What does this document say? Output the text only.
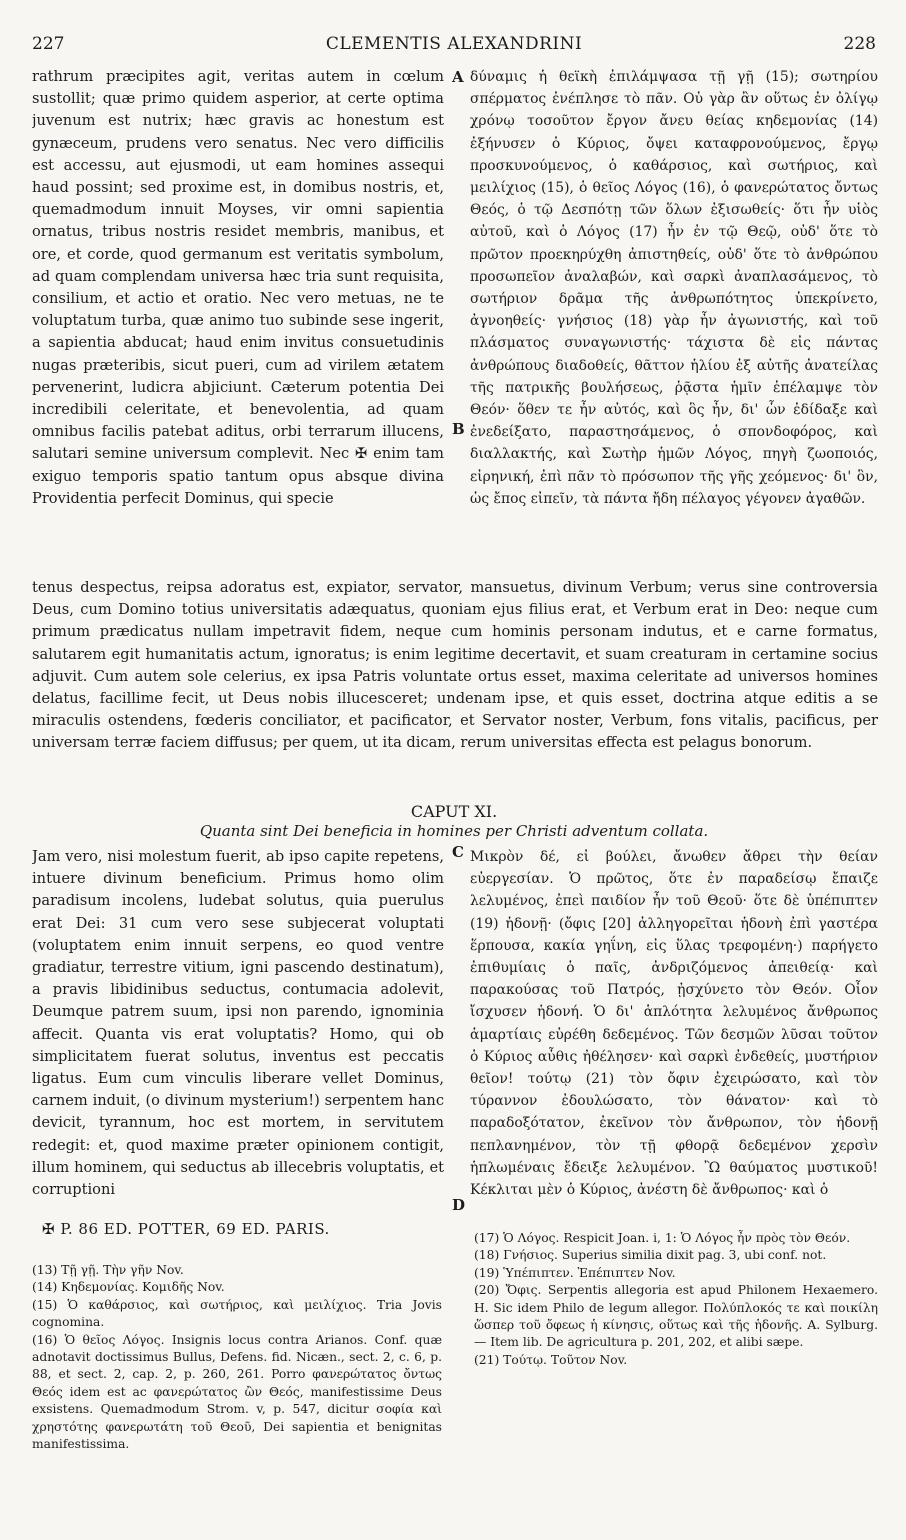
227	CLEMENTIS ALEXANDRINI	228

rathrum præcipites agit, veritas autem in cœlum sustollit; quæ primo quidem asperior, at certe optima juvenum est nutrix; hæc gravis ac honestum est gynæceum, prudens vero senatus. Nec vero difficilis est accessu, aut ejusmodi, ut eam homines assequi haud possint; sed proxime est, in domibus nostris, et, quemadmodum innuit Moyses, vir omni sapientia ornatus, tribus nostris residet membris, manibus, et ore, et corde, quod germanum est veritatis symbolum, ad quam complendam universa hæc tria sunt requisita, consilium, et actio et oratio. Nec vero metuas, ne te voluptatum turba, quæ animo tuo subinde sese ingerit, a sapientia abducat; haud enim invitus consuetudinis nugas præteribis, sicut pueri, cum ad virilem ætatem pervenerint, ludicra abjiciunt. Cæterum potentia Dei incredibili celeritate, et benevolentia, ad quam omnibus facilis patebat aditus, orbi terrarum illucens, salutari semine universum complevit. Nec ✠ enim tam exiguo temporis spatio tantum opus absque divina Providentia perfecit Dominus, qui specie

A
B

δύναμις ἡ θεϊκὴ ἐπιλάμψασα τῇ γῇ (15); σωτηρίου σπέρματος ἐνέπλησε τὸ πᾶν. Οὐ γὰρ ἂν οὕτως ἐν ὀλίγῳ χρόνῳ τοσοῦτον ἔργον ἄνευ θείας κηδεμονίας (14) ἐξήνυσεν ὁ Κύριος, ὄψει καταφρονούμενος, ἔργῳ προσκυνούμενος, ὁ καθάρσιος, καὶ σωτήριος, καὶ μειλίχιος (15), ὁ θεῖος Λόγος (16), ὁ φανερώτατος ὄντως Θεός, ὁ τῷ Δεσπότῃ τῶν ὅλων ἐξισωθείς· ὅτι ἦν υἱὸς αὐτοῦ, καὶ ὁ Λόγος (17) ἦν ἐν τῷ Θεῷ, οὐδ' ὅτε τὸ πρῶτον προεκηρύχθη ἀπιστηθείς, οὐδ' ὅτε τὸ ἀνθρώπου προσωπεῖον ἀναλαβών, καὶ σαρκὶ ἀναπλασάμενος, τὸ σωτήριον δρᾶμα τῆς ἀνθρωπότητος ὑπεκρίνετο, ἀγνοηθείς· γνήσιος (18) γὰρ ἦν ἀγωνιστής, καὶ τοῦ πλάσματος συναγωνιστής· τάχιστα δὲ εἰς πάντας ἀνθρώπους διαδοθείς, θᾶττον ἡλίου ἐξ αὐτῆς ἀνατείλας τῆς πατρικῆς βουλήσεως, ῥᾷστα ἡμῖν ἐπέλαμψε τὸν Θεόν· ὅθεν τε ἦν αὐτός, καὶ ὃς ἦν, δι' ὧν ἐδίδαξε καὶ ἐνεδείξατο, παραστησάμενος, ὁ σπονδοφόρος, καὶ διαλλακτής, καὶ Σωτὴρ ἡμῶν Λόγος, πηγὴ ζωοποιός, εἰρηνική, ἐπὶ πᾶν τὸ πρόσωπον τῆς γῆς χεόμενος· δι' ὃν, ὡς ἔπος εἰπεῖν, τὰ πάντα ἤδη πέλαγος γέγονεν ἀγαθῶν.

tenus despectus, reipsa adoratus est, expiator, servator, mansuetus, divinum Verbum; verus sine controversia Deus, cum Domino totius universitatis adæquatus, quoniam ejus filius erat, et Verbum erat in Deo: neque cum primum prædicatus nullam impetravit fidem, neque cum hominis personam indutus, et e carne formatus, salutarem egit humanitatis actum, ignoratus; is enim legitime decertavit, et suam creaturam in certamine socius adjuvit. Cum autem sole celerius, ex ipsa Patris voluntate ortus esset, maxima celeritate ad universos homines delatus, facillime fecit, ut Deus nobis illucesceret; undenam ipse, et quis esset, doctrina atque editis a se miraculis ostendens, fœderis conciliator, et pacificator, et Servator noster, Verbum, fons vitalis, pacificus, per universam terræ faciem diffusus; per quem, ut ita dicam, rerum universitas effecta est pelagus bonorum.

CAPUT XI.
Quanta sint Dei beneficia in homines per Christi adventum collata.
C
D

Jam vero, nisi molestum fuerit, ab ipso capite repetens, intuere divinum beneficium. Primus homo olim paradisum incolens, ludebat solutus, quia puerulus erat Dei: 31 cum vero sese subjecerat voluptati (voluptatem enim innuit serpens, eo quod ventre gradiatur, terrestre vitium, igni pascendo destinatum), a pravis libidinibus seductus, contumacia adolevit, Deumque patrem suum, ipsi non parendo, ignominia affecit. Quanta vis erat voluptatis? Homo, qui ob simplicitatem fuerat solutus, inventus est peccatis ligatus. Eum cum vinculis liberare vellet Dominus, carnem induit, (o divinum mysterium!) serpentem hanc devicit, tyrannum, hoc est mortem, in servitutem redegit: et, quod maxime præter opinionem contigit, illum hominem, qui seductus ab illecebris voluptatis, et corruptioni

Μικρὸν δέ, εἰ βούλει, ἄνωθεν ἄθρει τὴν θείαν εὐεργεσίαν. Ὁ πρῶτος, ὅτε ἐν παραδείσῳ ἔπαιζε λελυμένος, ἐπεὶ παιδίον ἦν τοῦ Θεοῦ· ὅτε δὲ ὑπέπιπτεν (19) ἡδονῇ· (ὄφις [20] ἀλληγορεῖται ἡδονὴ ἐπὶ γαστέρα ἕρπουσα, κακία γηΐνη, εἰς ὕλας τρεφομένη·) παρήγετο ἐπιθυμίαις ὁ παῖς, ἀνδριζόμενος ἀπειθείᾳ· καὶ παρακούσας τοῦ Πατρός, ᾐσχύνετο τὸν Θεόν. Οἷον ἴσχυσεν ἡδονή. Ὁ δι' ἁπλότητα λελυμένος ἄνθρωπος ἁμαρτίαις εὑρέθη δεδεμένος. Τῶν δεσμῶν λῦσαι τοῦτον ὁ Κύριος αὖθις ἠθέλησεν· καὶ σαρκὶ ἐνδεθείς, μυστήριον θεῖον! τούτῳ (21) τὸν ὄφιν ἐχειρώσατο, καὶ τὸν τύραννον ἐδουλώσατο, τὸν θάνατον· καὶ τὸ παραδοξότατον, ἐκεῖνον τὸν ἄνθρωπον, τὸν ἡδονῇ πεπλανημένον, τὸν τῇ φθορᾷ δεδεμένον χερσὶν ἡπλωμέναις ἔδειξε λελυμένον. Ὢ θαύματος μυστικοῦ! Κέκλιται μὲν ὁ Κύριος, ἀνέστη δὲ ἄνθρωπος· καὶ ὁ

✠ P. 86 ED. POTTER, 69 ED. PARIS.

(13) Τῇ γῇ. Τὴν γῆν Nov.

(14) Κηδεμονίας. Κομιδῆς Nov.

(15) Ὁ καθάρσιος, καὶ σωτήριος, καὶ μειλίχιος. Tria Jovis cognomina.

(16) Ὁ θεῖος Λόγος. Insignis locus contra Arianos. Conf. quæ adnotavit doctissimus Bullus, Defens. fid. Nicæn., sect. 2, c. 6, p. 88, et sect. 2, cap. 2, p. 260, 261. Porro φανερώτατος ὄντως Θεός idem est ac φανερώτατος ὢν Θεός, manifestissime Deus exsistens. Quemadmodum Strom. v, p. 547, dicitur σοφία καὶ χρηστότης φανερωτάτη τοῦ Θεοῦ, Dei sapientia et benignitas manifestissima.

(17) Ὁ Λόγος. Respicit Joan. i, 1: Ὁ Λόγος ἦν πρὸς τὸν Θεόν.

(18) Γνήσιος. Superius similia dixit pag. 3, ubi conf. not.

(19) Ὑπέπιπτεν. Ἐπέπιπτεν Nov.

(20) Ὄφις. Serpentis allegoria est apud Philonem Hexaemero. H. Sic idem Philo de legum allegor. Πολύπλοκός τε καὶ ποικίλη ὥσπερ τοῦ ὄφεως ἡ κίνησις, οὕτως καὶ τῆς ἡδονῆς. A. Sylburg. — Item lib. De agricultura p. 201, 202, et alibi sæpe.

(21) Τούτῳ. Τοῦτον Nov.
